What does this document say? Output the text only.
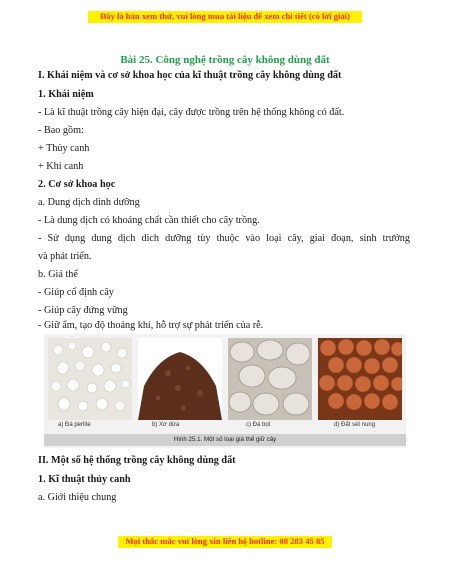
Đây là bản xem thử, vui lòng mua tài liệu để xem chi tiết (có lời giải)
Bài 25. Công nghệ trồng cây không dùng đất
I. Khái niệm và cơ sở khoa học của kĩ thuật trồng cây không dùng đất
1. Khái niệm
- Là kĩ thuật trồng cây hiện đại, cây được trồng trên hệ thống không có đất.
- Bao gồm:
+ Thủy canh
+ Khí canh
2. Cơ sở khoa học
a. Dung dịch dinh dưỡng
- Là dung dịch có khoáng chất cần thiết cho cây trồng.
- Sử dụng dung dịch dich dưỡng tùy thuộc vào loại cây, giai đoạn, sinh trưởng
và phát triển.
b. Giá thể
- Giúp cố định cây
- Giúp cây đứng vững
- Giữ ẩm, tạo độ thoáng khí, hỗ trợ sự phát triển của rễ.
a) Đá perlite	b) Xơ dừa	c) Đá bọt	d) Đất sét nung
Hình 25.1. Một số loại giá thể giữ cây
II. Một số hệ thống trồng cây không dùng đất
1. Kĩ thuật thủy canh
a. Giới thiệu chung
Mọi thắc mắc vui lòng xin liên hệ hotline: 08 283 45 85
